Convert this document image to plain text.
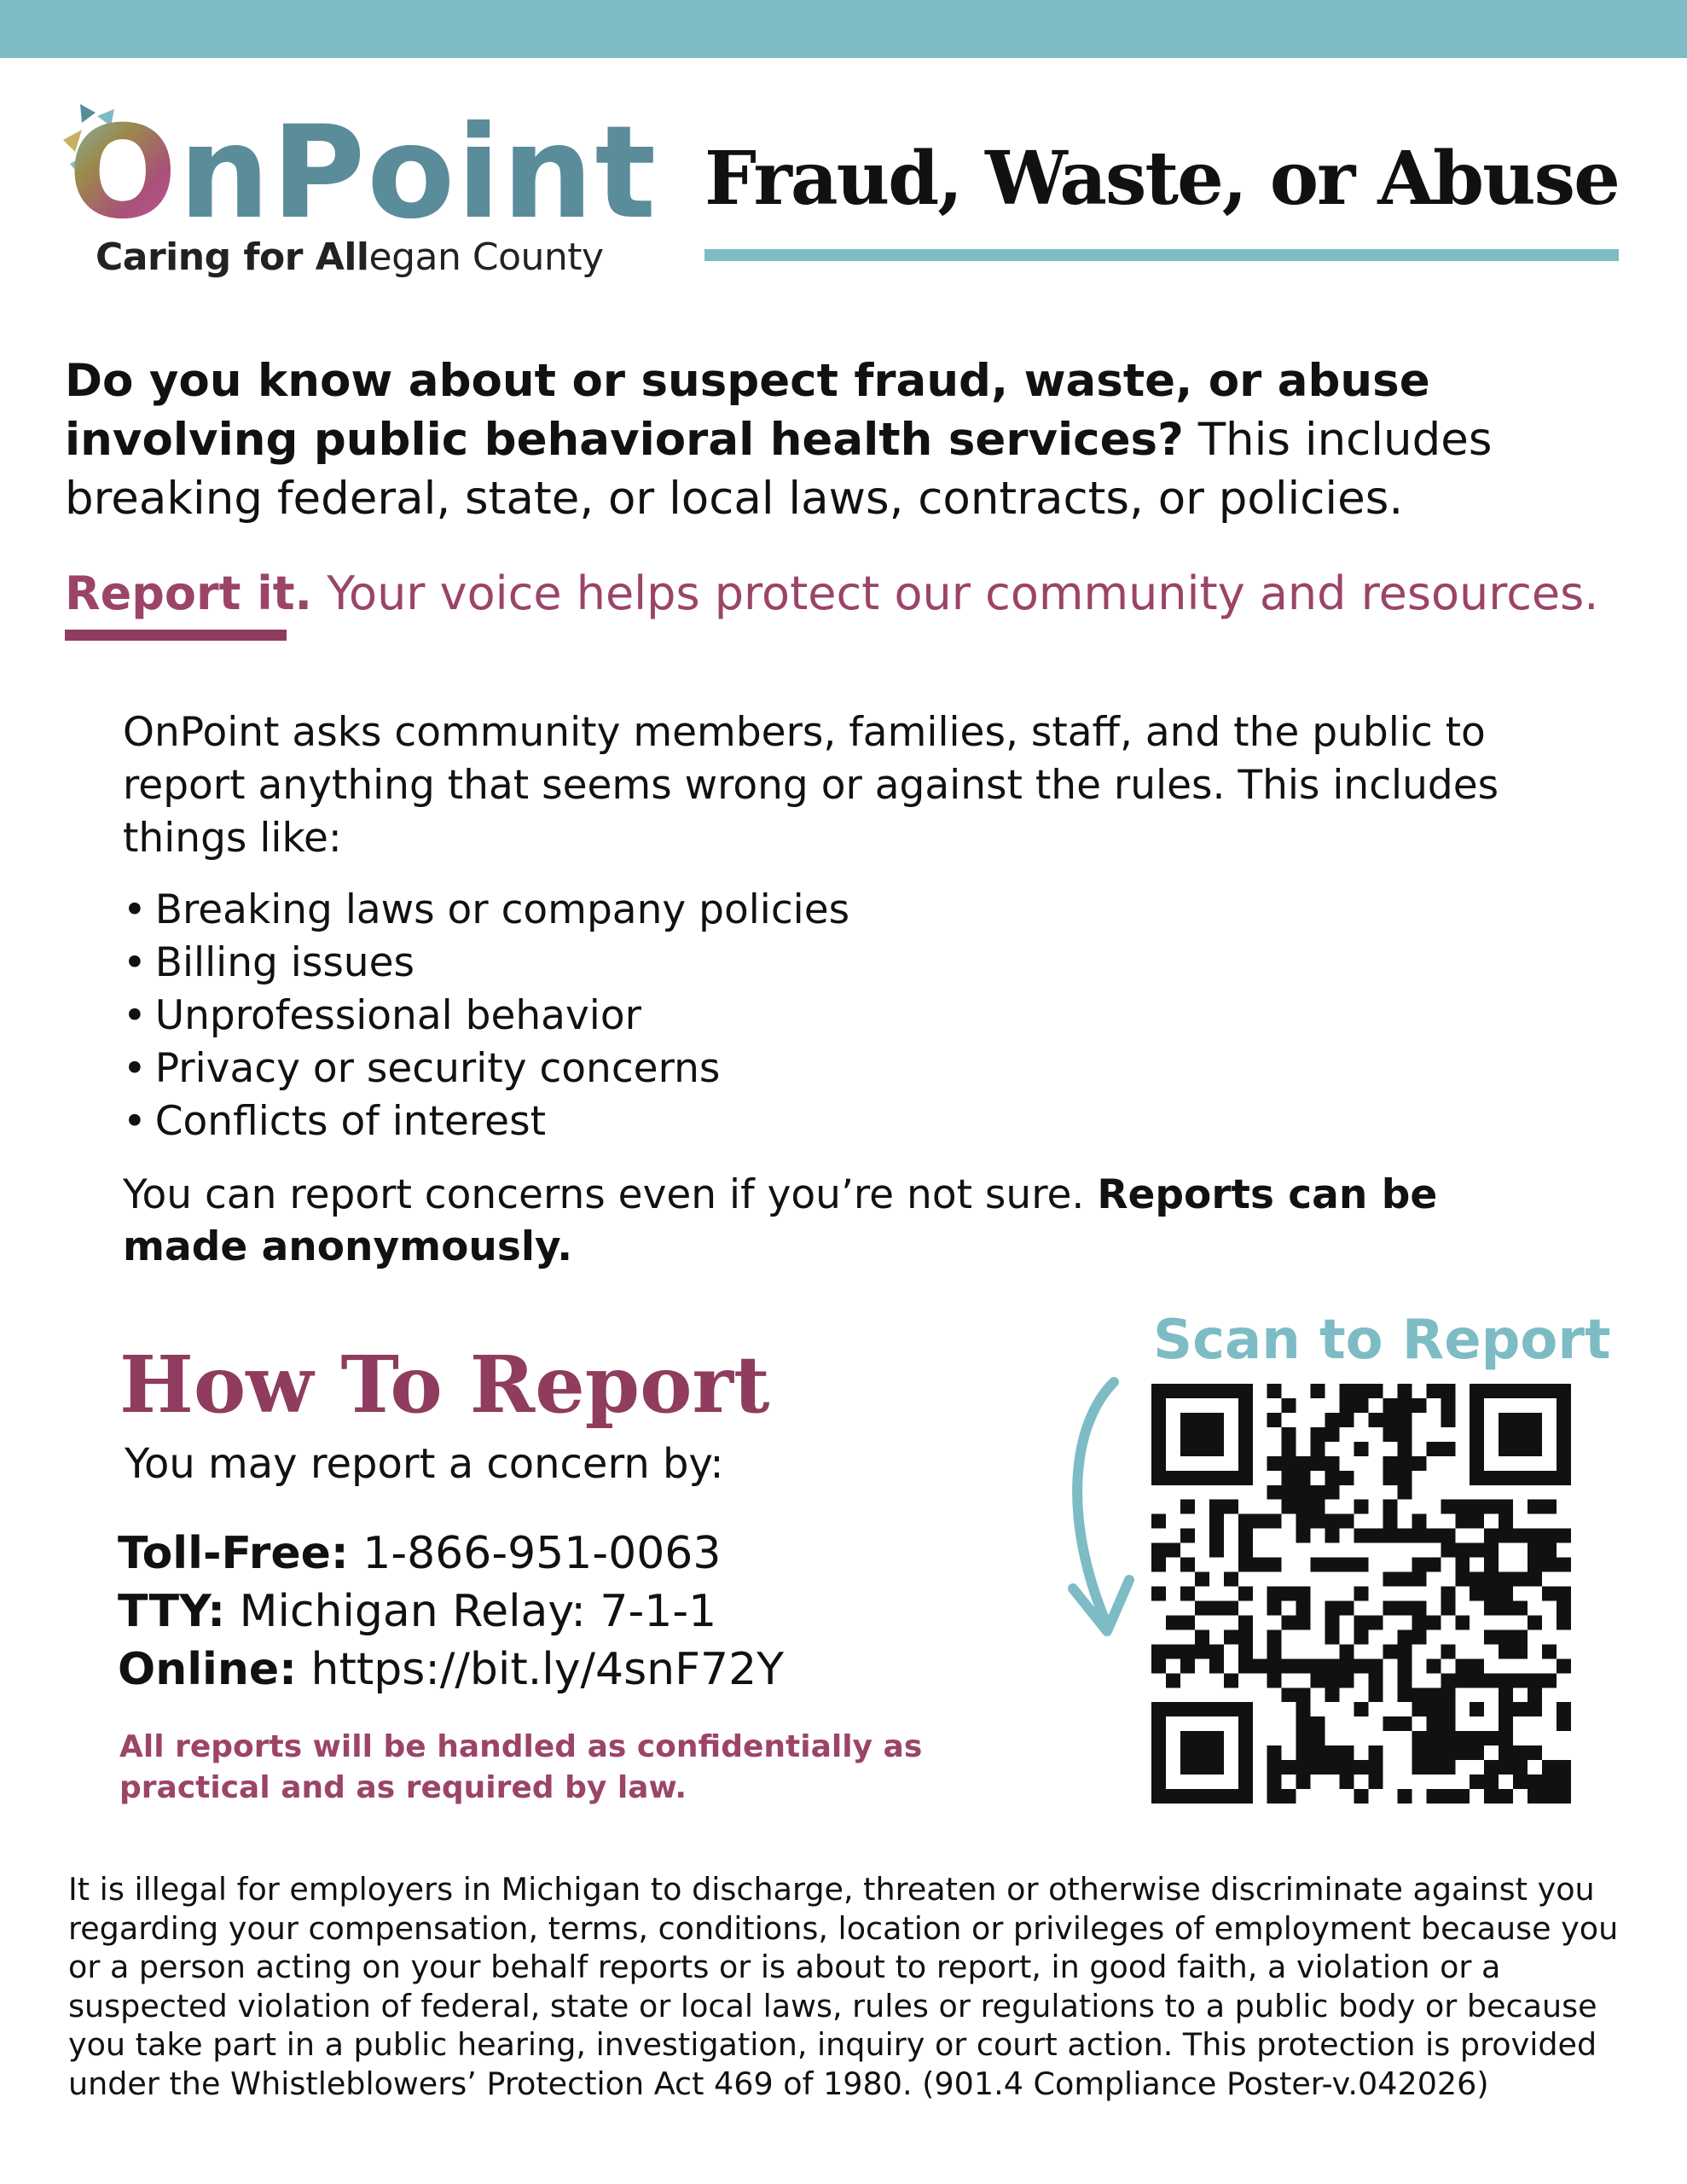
OnPoint
Caring for Allegan County
Fraud, Waste, or Abuse
Do you know about or suspect fraud, waste, or abuse involving public behavioral health services? This includes breaking federal, state, or local laws, contracts, or policies.
Report it. Your voice helps protect our community and resources.
OnPoint asks community members, families, staff, and the public to report anything that seems wrong or against the rules. This includes things like:
• Breaking laws or company policies
• Billing issues
• Unprofessional behavior
• Privacy or security concerns
• Conflicts of interest
You can report concerns even if you’re not sure. Reports can be made anonymously.
How To Report
You may report a concern by:
Toll-Free: 1-866-951-0063
TTY: Michigan Relay: 7-1-1
Online: https://bit.ly/4snF72Y
All reports will be handled as confidentially as practical and as required by law.
Scan to Report
It is illegal for employers in Michigan to discharge, threaten or otherwise discriminate against you regarding your compensation, terms, conditions, location or privileges of employment because you or a person acting on your behalf reports or is about to report, in good faith, a violation or a suspected violation of federal, state or local laws, rules or regulations to a public body or because you take part in a public hearing, investigation, inquiry or court action. This protection is provided under the Whistleblowers’ Protection Act 469 of 1980. (901.4 Compliance Poster-v.042026)
